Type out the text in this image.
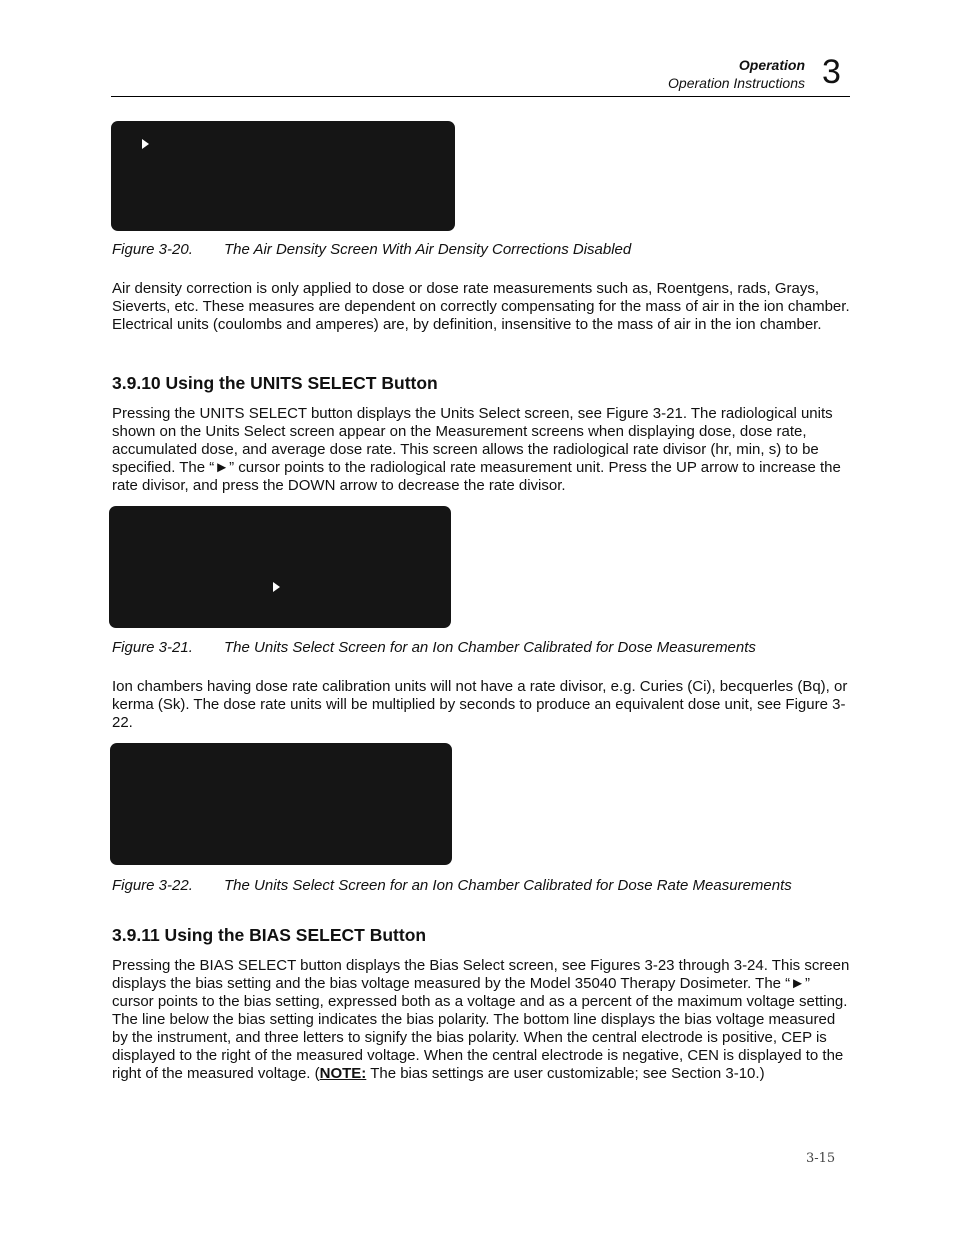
Operation
Operation Instructions 3
Figure 3-20. The Air Density Screen With Air Density Corrections Disabled

Air density correction is only applied to dose or dose rate measurements such as, Roentgens, rads, Grays, Sieverts, etc. These measures are dependent on correctly compensating for the mass of air in the ion chamber. Electrical units (coulombs and amperes) are, by definition, insensitive to the mass of air in the ion chamber.

3.9.10 Using the UNITS SELECT Button

Pressing the UNITS SELECT button displays the Units Select screen, see Figure 3-21. The radiological units shown on the Units Select screen appear on the Measurement screens when displaying dose, dose rate, accumulated dose, and average dose rate. This screen allows the radiological rate divisor (hr, min, s) to be specified. The “►” cursor points to the radiological rate measurement unit. Press the UP arrow to increase the rate divisor, and press the DOWN arrow to decrease the rate divisor.

Figure 3-21. The Units Select Screen for an Ion Chamber Calibrated for Dose Measurements

Ion chambers having dose rate calibration units will not have a rate divisor, e.g. Curies (Ci), becquerles (Bq), or kerma (Sk). The dose rate units will be multiplied by seconds to produce an equivalent dose unit, see Figure 3-22.

Figure 3-22. The Units Select Screen for an Ion Chamber Calibrated for Dose Rate Measurements
3.9.11 Using the BIAS SELECT Button

Pressing the BIAS SELECT button displays the Bias Select screen, see Figures 3-23 through 3-24. This screen displays the bias setting and the bias voltage measured by the Model 35040 Therapy Dosimeter. The “►” cursor points to the bias setting, expressed both as a voltage and as a percent of the maximum voltage setting. The line below the bias setting indicates the bias polarity. The bottom line displays the bias voltage measured by the instrument, and three letters to signify the bias polarity. When the central electrode is positive, CEP is displayed to the right of the measured voltage. When the central electrode is negative, CEN is displayed to the right of the measured voltage. (NOTE: The bias settings are user customizable; see Section 3-10.)

3-15
